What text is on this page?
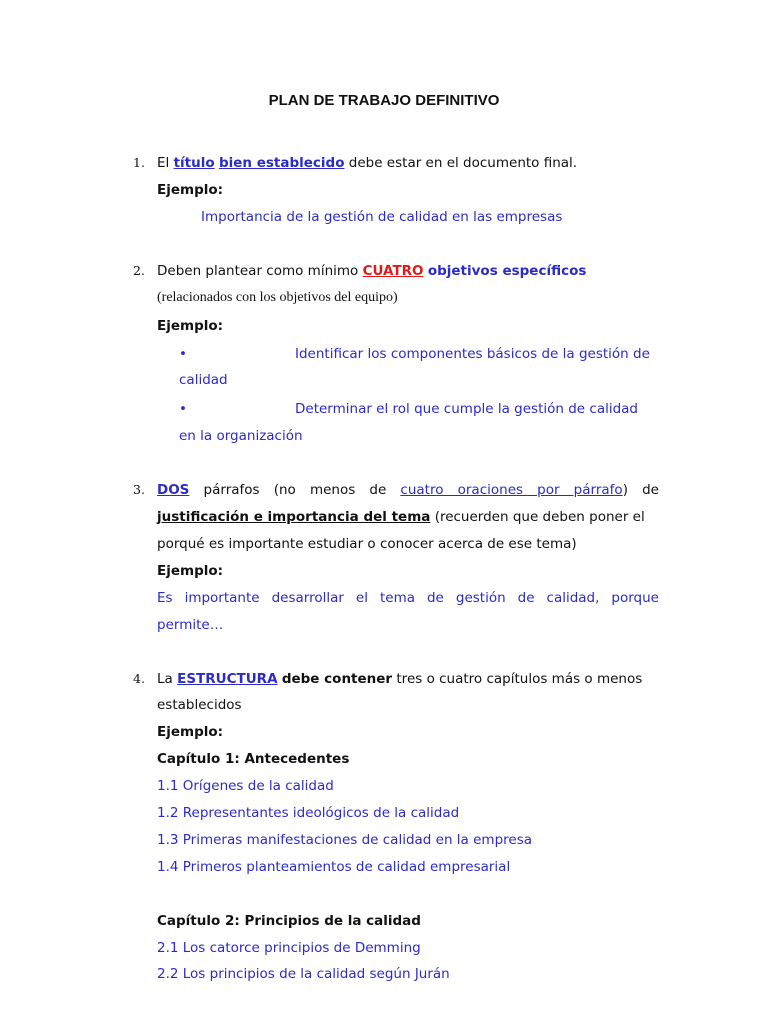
PLAN DE TRABAJO DEFINITIVO
1. El título bien establecido debe estar en el documento final.
Ejemplo:
Importancia de la gestión de calidad en las empresas
2. Deben plantear como mínimo CUATRO objetivos específicos
(relacionados con los objetivos del equipo)
Ejemplo:
•	Identificar los componentes básicos de la gestión de
calidad
•	Determinar el rol que cumple la gestión de calidad
en la organización
3. DOS párrafos (no menos de cuatro oraciones por párrafo) de
justificación e importancia del tema (recuerden que deben poner el
porqué es importante estudiar o conocer acerca de ese tema)
Ejemplo:
Es importante desarrollar el tema de gestión de calidad, porque
permite…
4. La ESTRUCTURA debe contener tres o cuatro capítulos más o menos
establecidos
Ejemplo:
Capítulo 1: Antecedentes
1.1 Orígenes de la calidad
1.2 Representantes ideológicos de la calidad
1.3 Primeras manifestaciones de calidad en la empresa
1.4 Primeros planteamientos de calidad empresarial
Capítulo 2: Principios de la calidad
2.1 Los catorce principios de Demming
2.2 Los principios de la calidad según Jurán
